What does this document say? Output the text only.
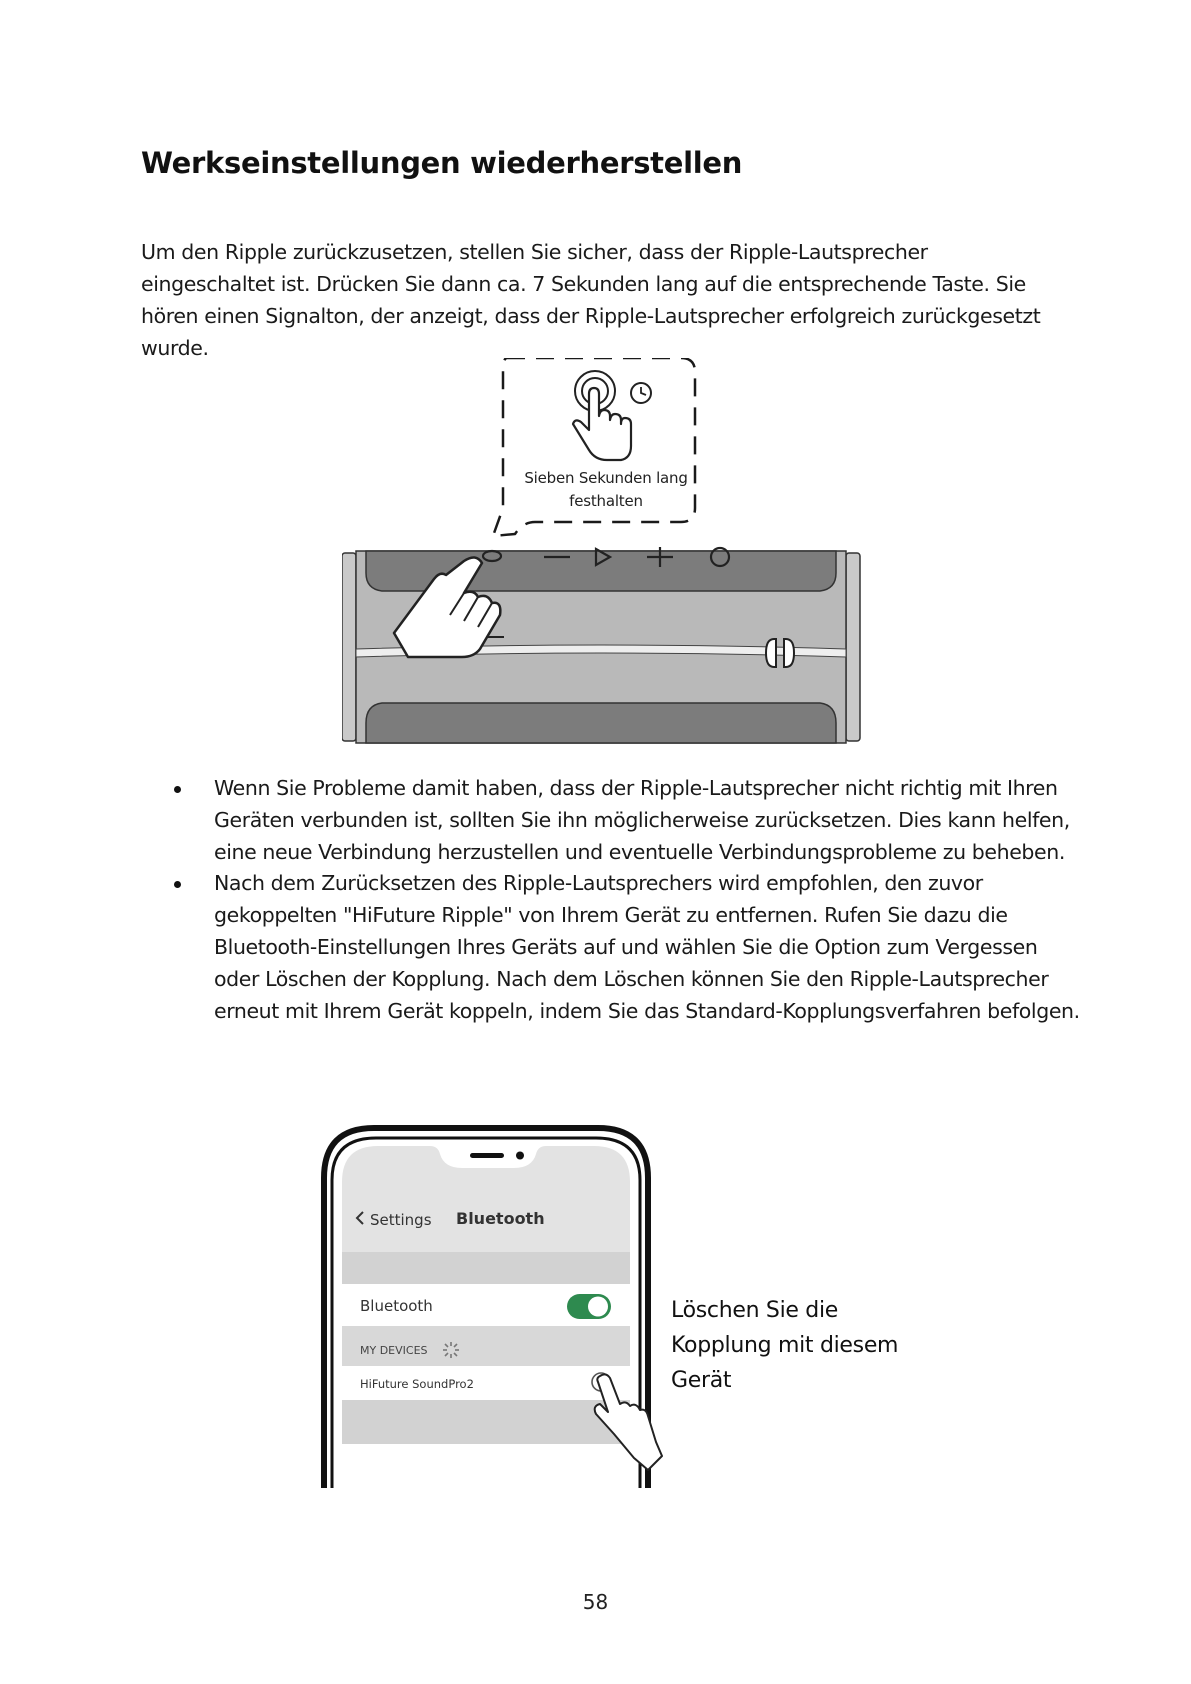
Werkseinstellungen wiederherstellen

Um den Ripple zurückzusetzen, stellen Sie sicher, dass der Ripple-Lautsprecher eingeschaltet ist. Drücken Sie dann ca. 7 Sekunden lang auf die entsprechende Taste. Sie hören einen Signalton, der anzeigt, dass der Ripple-Lautsprecher erfolgreich zurückgesetzt wurde.

Sieben Sekunden lang
festhalten
Wenn Sie Probleme damit haben, dass der Ripple-Lautsprecher nicht richtig mit Ihren Geräten verbunden ist, sollten Sie ihn möglicherweise zurücksetzen. Dies kann helfen, eine neue Verbindung herzustellen und eventuelle Verbindungsprobleme zu beheben.
Nach dem Zurücksetzen des Ripple-Lautsprechers wird empfohlen, den zuvor gekoppelten "HiFuture Ripple" von Ihrem Gerät zu entfernen. Rufen Sie dazu die Bluetooth-Einstellungen Ihres Geräts auf und wählen Sie die Option zum Vergessen oder Löschen der Kopplung. Nach dem Löschen können Sie den Ripple-Lautsprecher erneut mit Ihrem Gerät koppeln, indem Sie das Standard-Kopplungsverfahren befolgen.
Settings Bluetooth
Bluetooth
MY DEVICES
HiFuture SoundPro2

Löschen Sie die
Kopplung mit diesem
Gerät

58
